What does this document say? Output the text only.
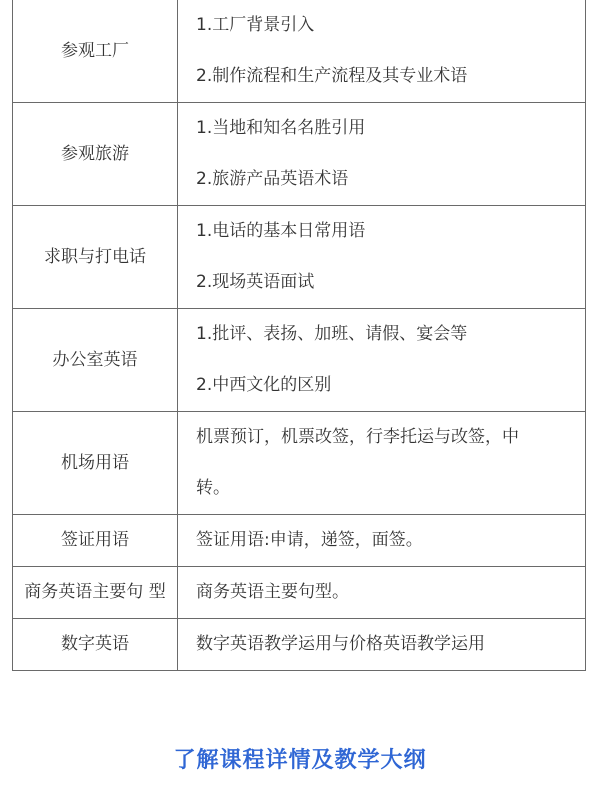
参观工厂	1.工厂背景引入
2.制作流程和生产流程及其专业术语

参观旅游	1.当地和知名名胜引用
2.旅游产品英语术语

求职与打电话	1.电话的基本日常用语
2.现场英语面试

办公室英语	1.批评、表扬、加班、请假、宴会等
2.中西文化的区别

机场用语	机票预订，机票改签，行李托运与改签，中
转。

签证用语	签证用语:申请，递签，面签。

商务英语主要句 型	商务英语主要句型。

数字英语	数字英语教学运用与价格英语教学运用
了解课程详情及教学大纲
